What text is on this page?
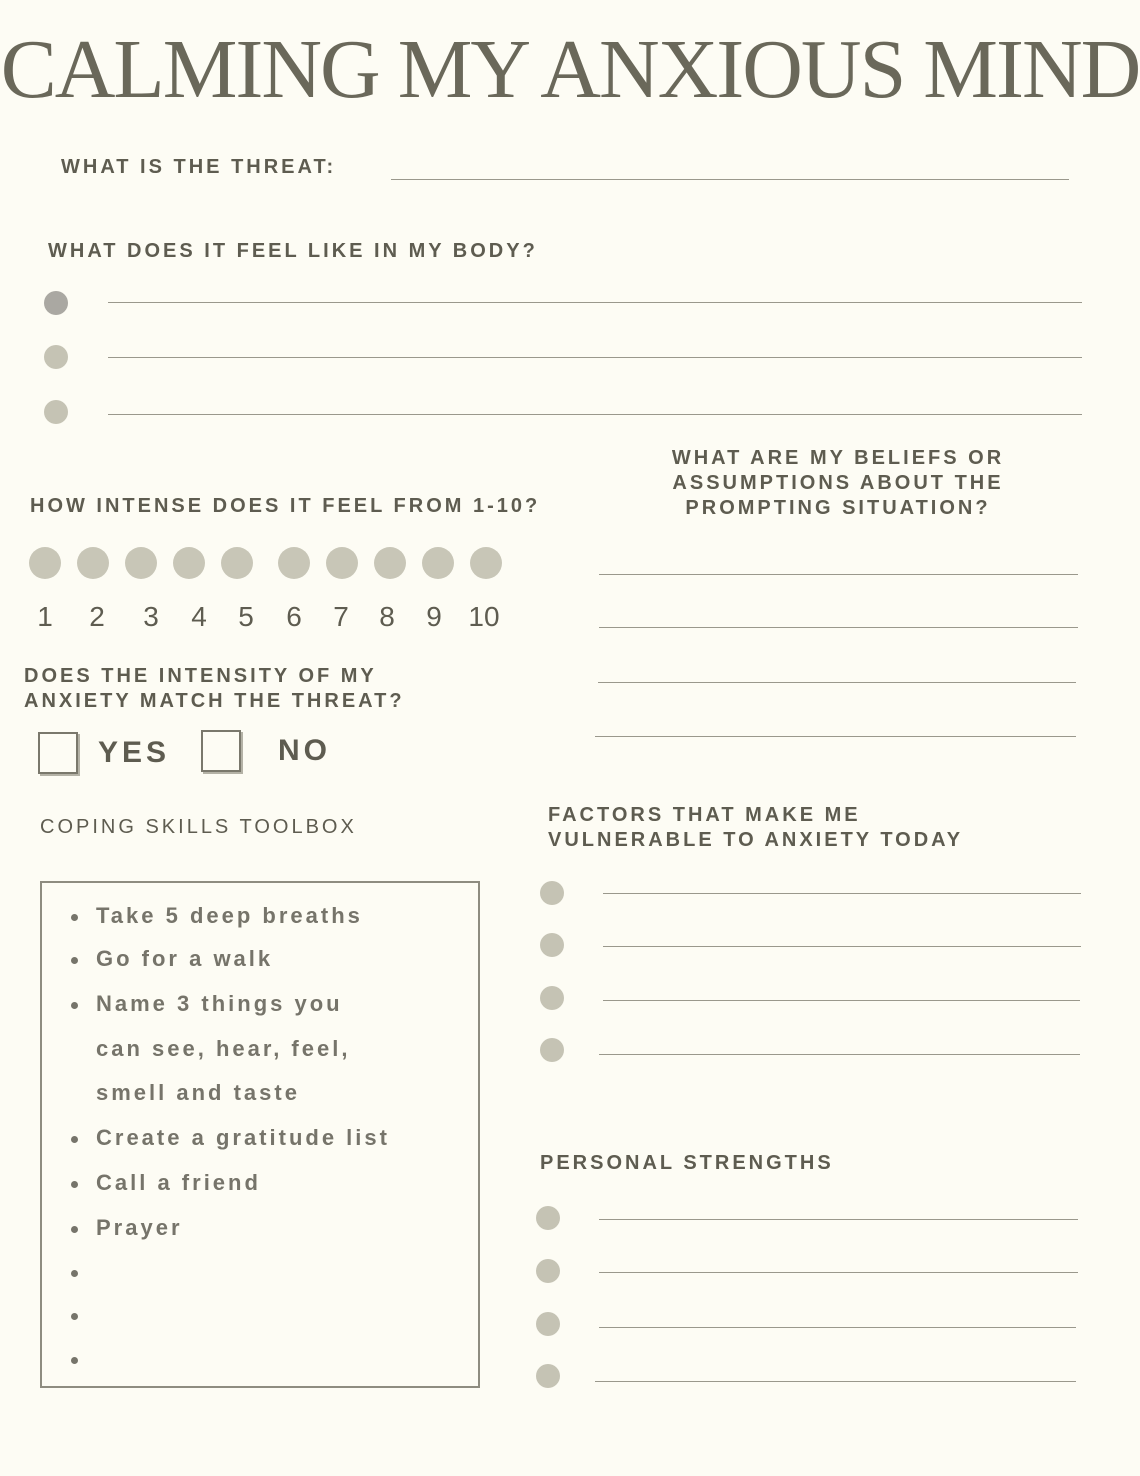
CALMING MY ANXIOUS MIND
WHAT IS THE THREAT:
WHAT DOES IT FEEL LIKE IN MY BODY?
HOW INTENSE DOES IT FEEL FROM 1-10?
1	2	3	4	5	6	7	8	9 10
DOES THE INTENSITY OF MY
ANXIETY MATCH THE THREAT?
YES	NO
WHAT ARE MY BELIEFS OR
ASSUMPTIONS ABOUT THE
PROMPTING SITUATION?
COPING SKILLS TOOLBOX
Take 5 deep breaths
Go for a walk
Name 3 things you
can see, hear, feel,
smell and taste
Create a gratitude list
Call a friend
Prayer
FACTORS THAT MAKE ME
VULNERABLE TO ANXIETY TODAY
PERSONAL STRENGTHS
